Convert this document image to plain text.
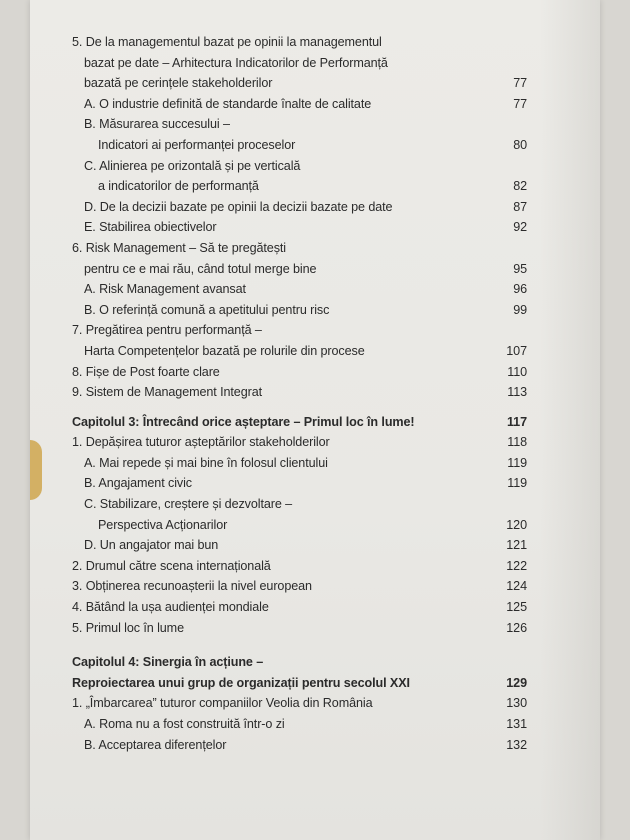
5. De la managementul bazat pe opinii la managementul
bazat pe date – Arhitectura Indicatorilor de Performanță
bazată pe cerințele stakeholderilor	77
A. O industrie definită de standarde înalte de calitate	77
B. Măsurarea succesului –
Indicatori ai performanței proceselor	80
C. Alinierea pe orizontală și pe verticală
a indicatorilor de performanță	82
D. De la decizii bazate pe opinii la decizii bazate pe date	87
E. Stabilirea obiectivelor	92
6. Risk Management – Să te pregătești
pentru ce e mai rău, când totul merge bine	95
A. Risk Management avansat	96
B. O referință comună a apetitului pentru risc	99
7. Pregătirea pentru performanță –
Harta Competențelor bazată pe rolurile din procese	107
8. Fișe de Post foarte clare	110
9. Sistem de Management Integrat	113
Capitolul 3: Întrecând orice așteptare – Primul loc în lume!	117
1. Depășirea tuturor așteptărilor stakeholderilor	118
A. Mai repede și mai bine în folosul clientului	119
B. Angajament civic	119
C. Stabilizare, creștere și dezvoltare –
Perspectiva Acționarilor	120
D. Un angajator mai bun	121
2. Drumul către scena internațională	122
3. Obținerea recunoașterii la nivel european	124
4. Bătând la ușa audienței mondiale	125
5. Primul loc în lume	126
Capitolul 4: Sinergia în acțiune –
Reproiectarea unui grup de organizații pentru secolul XXI	129
1. „Îmbarcarea” tuturor companiilor Veolia din România	130
A. Roma nu a fost construită într-o zi	131
B. Acceptarea diferențelor	132
